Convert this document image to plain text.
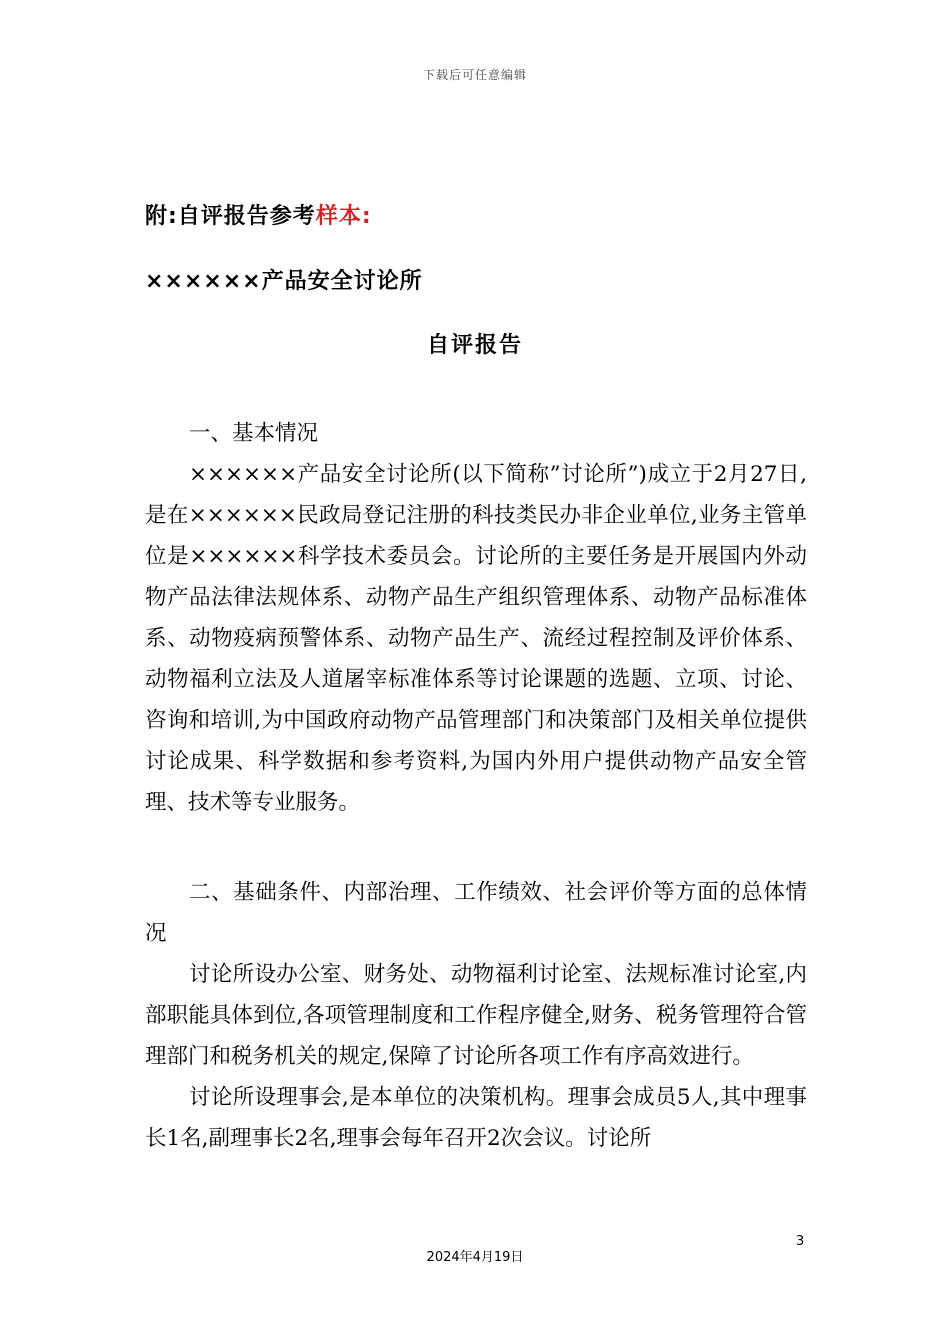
下载后可任意编辑
附:自评报告参考样本:
××××××产品安全讨论所
自评报告

一、基本情况

××××××产品安全讨论所(以下简称”讨论所”)成立于2月27日,是在××××××民政局登记注册的科技类民办非企业单位,业务主管单位是××××××科学技术委员会。讨论所的主要任务是开展国内外动物产品法律法规体系、动物产品生产组织管理体系、动物产品标准体系、动物疫病预警体系、动物产品生产、流经过程控制及评价体系、动物福利立法及人道屠宰标准体系等讨论课题的选题、立项、讨论、咨询和培训,为中国政府动物产品管理部门和决策部门及相关单位提供讨论成果、科学数据和参考资料,为国内外用户提供动物产品安全管理、技术等专业服务。

二、基础条件、内部治理、工作绩效、社会评价等方面的总体情况

讨论所设办公室、财务处、动物福利讨论室、法规标准讨论室,内部职能具体到位,各项管理制度和工作程序健全,财务、税务管理符合管理部门和税务机关的规定,保障了讨论所各项工作有序高效进行。

讨论所设理事会,是本单位的决策机构。理事会成员5人,其中理事长1名,副理事长2名,理事会每年召开2次会议。讨论所

3
2024年4月19日
